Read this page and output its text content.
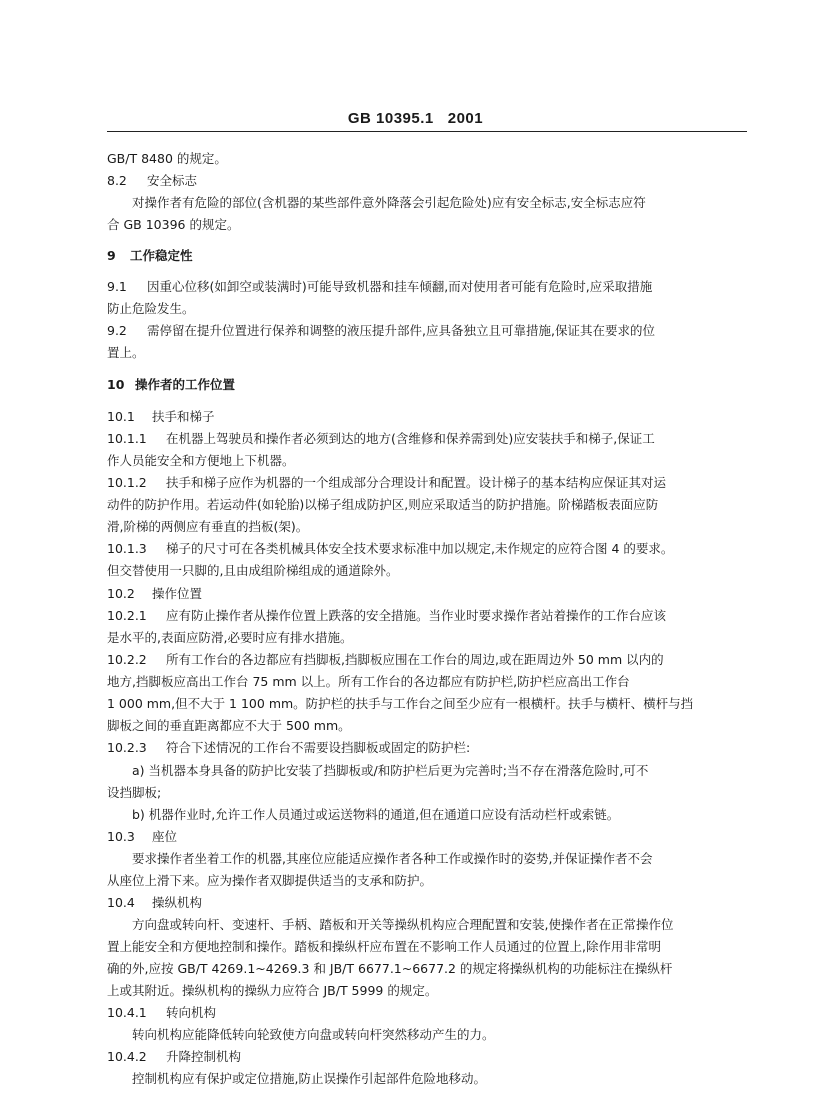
GB 10395.1 2001
GB/T 8480 的规定。
8.2 安全标志
对操作者有危险的部位(含机器的某些部件意外降落会引起危险处)应有安全标志,安全标志应符
合 GB 10396 的规定。
9 工作稳定性
9.1 因重心位移(如卸空或装满时)可能导致机器和挂车倾翻,而对使用者可能有危险时,应采取措施
防止危险发生。
9.2 需停留在提升位置进行保养和调整的液压提升部件,应具备独立且可靠措施,保证其在要求的位
置上。
10 操作者的工作位置
10.1 扶手和梯子
10.1.1 在机器上驾驶员和操作者必须到达的地方(含维修和保养需到处)应安装扶手和梯子,保证工
作人员能安全和方便地上下机器。
10.1.2 扶手和梯子应作为机器的一个组成部分合理设计和配置。设计梯子的基本结构应保证其对运
动件的防护作用。若运动件(如轮胎)以梯子组成防护区,则应采取适当的防护措施。阶梯踏板表面应防
滑,阶梯的两侧应有垂直的挡板(架)。
10.1.3 梯子的尺寸可在各类机械具体安全技术要求标准中加以规定,未作规定的应符合图 4 的要求。
但交替使用一只脚的,且由成组阶梯组成的通道除外。
10.2 操作位置
10.2.1 应有防止操作者从操作位置上跌落的安全措施。当作业时要求操作者站着操作的工作台应该
是水平的,表面应防滑,必要时应有排水措施。
10.2.2 所有工作台的各边都应有挡脚板,挡脚板应围在工作台的周边,或在距周边外 50 mm 以内的
地方,挡脚板应高出工作台 75 mm 以上。所有工作台的各边都应有防护栏,防护栏应高出工作台
1 000 mm,但不大于 1 100 mm。防护栏的扶手与工作台之间至少应有一根横杆。扶手与横杆、横杆与挡
脚板之间的垂直距离都应不大于 500 mm。
10.2.3 符合下述情况的工作台不需要设挡脚板或固定的防护栏:
a) 当机器本身具备的防护比安装了挡脚板或/和防护栏后更为完善时;当不存在滑落危险时,可不
设挡脚板;
b) 机器作业时,允许工作人员通过或运送物料的通道,但在通道口应设有活动栏杆或索链。
10.3 座位
要求操作者坐着工作的机器,其座位应能适应操作者各种工作或操作时的姿势,并保证操作者不会
从座位上滑下来。应为操作者双脚提供适当的支承和防护。
10.4 操纵机构
方向盘或转向杆、变速杆、手柄、踏板和开关等操纵机构应合理配置和安装,使操作者在正常操作位
置上能安全和方便地控制和操作。踏板和操纵杆应布置在不影响工作人员通过的位置上,除作用非常明
确的外,应按 GB/T 4269.1~4269.3 和 JB/T 6677.1~6677.2 的规定将操纵机构的功能标注在操纵杆
上或其附近。操纵机构的操纵力应符合 JB/T 5999 的规定。
10.4.1 转向机构
转向机构应能降低转向轮致使方向盘或转向杆突然移动产生的力。
10.4.2 升降控制机构
控制机构应有保护或定位措施,防止误操作引起部件危险地移动。
